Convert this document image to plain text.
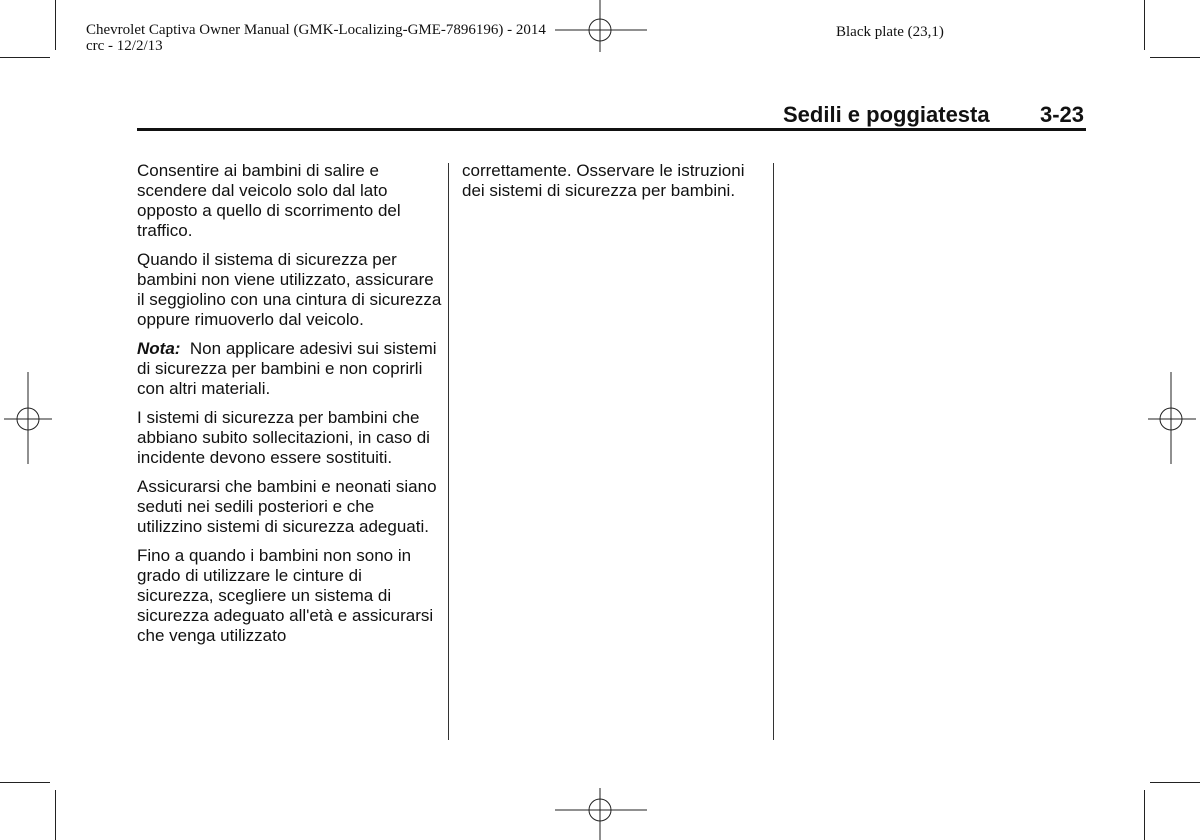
Chevrolet Captiva Owner Manual (GMK-Localizing-GME-7896196) - 2014
crc - 12/2/13
Black plate (23,1)
Sedili e poggiatesta 3-23

Consentire ai bambini di salire e scendere dal veicolo solo dal lato opposto a quello di scorrimento del traffico.

Quando il sistema di sicurezza per bambini non viene utilizzato, assicurare il seggiolino con una cintura di sicurezza oppure rimuoverlo dal veicolo.

Nota: Non applicare adesivi sui sistemi di sicurezza per bambini e non coprirli con altri materiali.

I sistemi di sicurezza per bambini che abbiano subito sollecitazioni, in caso di incidente devono essere sostituiti.

Assicurarsi che bambini e neonati siano seduti nei sedili posteriori e che utilizzino sistemi di sicurezza adeguati.

Fino a quando i bambini non sono in grado di utilizzare le cinture di sicurezza, scegliere un sistema di sicurezza adeguato all'età e assicurarsi che venga utilizzato

correttamente. Osservare le istruzioni dei sistemi di sicurezza per bambini.
